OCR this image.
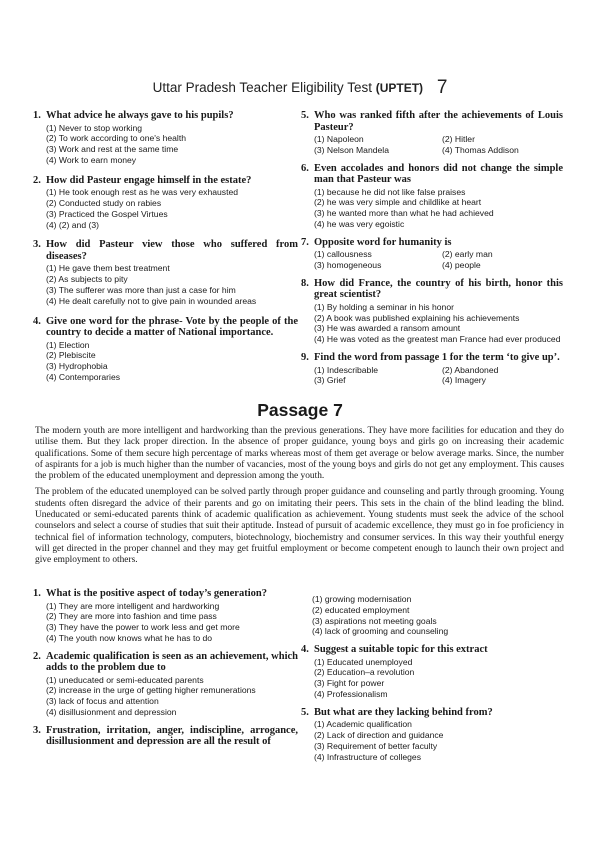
Uttar Pradesh Teacher Eligibility Test (UPTET) 7
1. What advice he always gave to his pupils?
(1) Never to stop working
(2) To work according to one's health
(3) Work and rest at the same time
(4) Work to earn money
2. How did Pasteur engage himself in the estate?
(1) He took enough rest as he was very exhausted
(2) Conducted study on rabies
(3) Practiced the Gospel Virtues
(4) (2) and (3)
3. How did Pasteur view those who suffered from diseases?
(1) He gave them best treatment
(2) As subjects to pity
(3) The sufferer was more than just a case for him
(4) He dealt carefully not to give pain in wounded areas
4. Give one word for the phrase- Vote by the people of the country to decide a matter of National importance.
(1) Election
(2) Plebiscite
(3) Hydrophobia
(4) Contemporaries
5. Who was ranked fifth after the achievements of Louis Pasteur?
(1) Napoleon	(2) Hitler
(3) Nelson Mandela	(4) Thomas Addison
6. Even accolades and honors did not change the simple man that Pasteur was
(1) because he did not like false praises
(2) he was very simple and childlike at heart
(3) he wanted more than what he had achieved
(4) he was very egoistic
7. Opposite word for humanity is
(1) callousness	(2) early man
(3) homogeneous	(4) people
8. How did France, the country of his birth, honor this great scientist?
(1) By holding a seminar in his honor
(2) A book was published explaining his achievements
(3) He was awarded a ransom amount
(4) He was voted as the greatest man France had ever produced
9. Find the word from passage 1 for the term ‘to give up’.
(1) Indescribable	(2) Abandoned
(3) Grief	(4) Imagery
Passage 7

The modern youth are more intelligent and hardworking than the previous generations. They have more facilities for education and they do utilise them. But they lack proper direction. In the absence of proper guidance, young boys and girls go on increasing their academic qualifications. Some of them secure high percentage of marks whereas most of them get average or below average marks. Since, the number of aspirants for a job is much higher than the number of vacancies, most of the young boys and girls do not get any employment. This causes the problem of the educated unemployment and depression among the youth.

The problem of the educated unemployed can be solved partly through proper guidance and counseling and partly through grooming. Young students often disregard the advice of their parents and go on imitating their peers. This sets in the chain of the blind leading the blind. Uneducated or semi-educated parents think of academic qualification as achievement. Young students must seek the advice of the school counselors and select a course of studies that suit their aptitude. Instead of pursuit of academic excellence, they must go in foe proficiency in technical fiel of information technology, computers, biotechnology, biochemistry and consumer services. In this way their youthful energy will get directed in the proper channel and they may get fruitful employment or become competent enough to launch their own project and give employment to others.

1. What is the positive aspect of today’s generation?
(1) They are more intelligent and hardworking
(2) They are more into fashion and time pass
(3) They have the power to work less and get more
(4) The youth now knows what he has to do
2. Academic qualification is seen as an achievement, which adds to the problem due to
(1) uneducated or semi-educated parents
(2) increase in the urge of getting higher remunerations
(3) lack of focus and attention
(4) disillusionment and depression
3. Frustration, irritation, anger, indiscipline, arrogance, disillusionment and depression are all the result of
(1) growing modernisation
(2) educated employment
(3) aspirations not meeting goals
(4) lack of grooming and counseling
4. Suggest a suitable topic for this extract
(1) Educated unemployed
(2) Education–a revolution
(3) Fight for power
(4) Professionalism
5. But what are they lacking behind from?
(1) Academic qualification
(2) Lack of direction and guidance
(3) Requirement of better faculty
(4) Infrastructure of colleges
